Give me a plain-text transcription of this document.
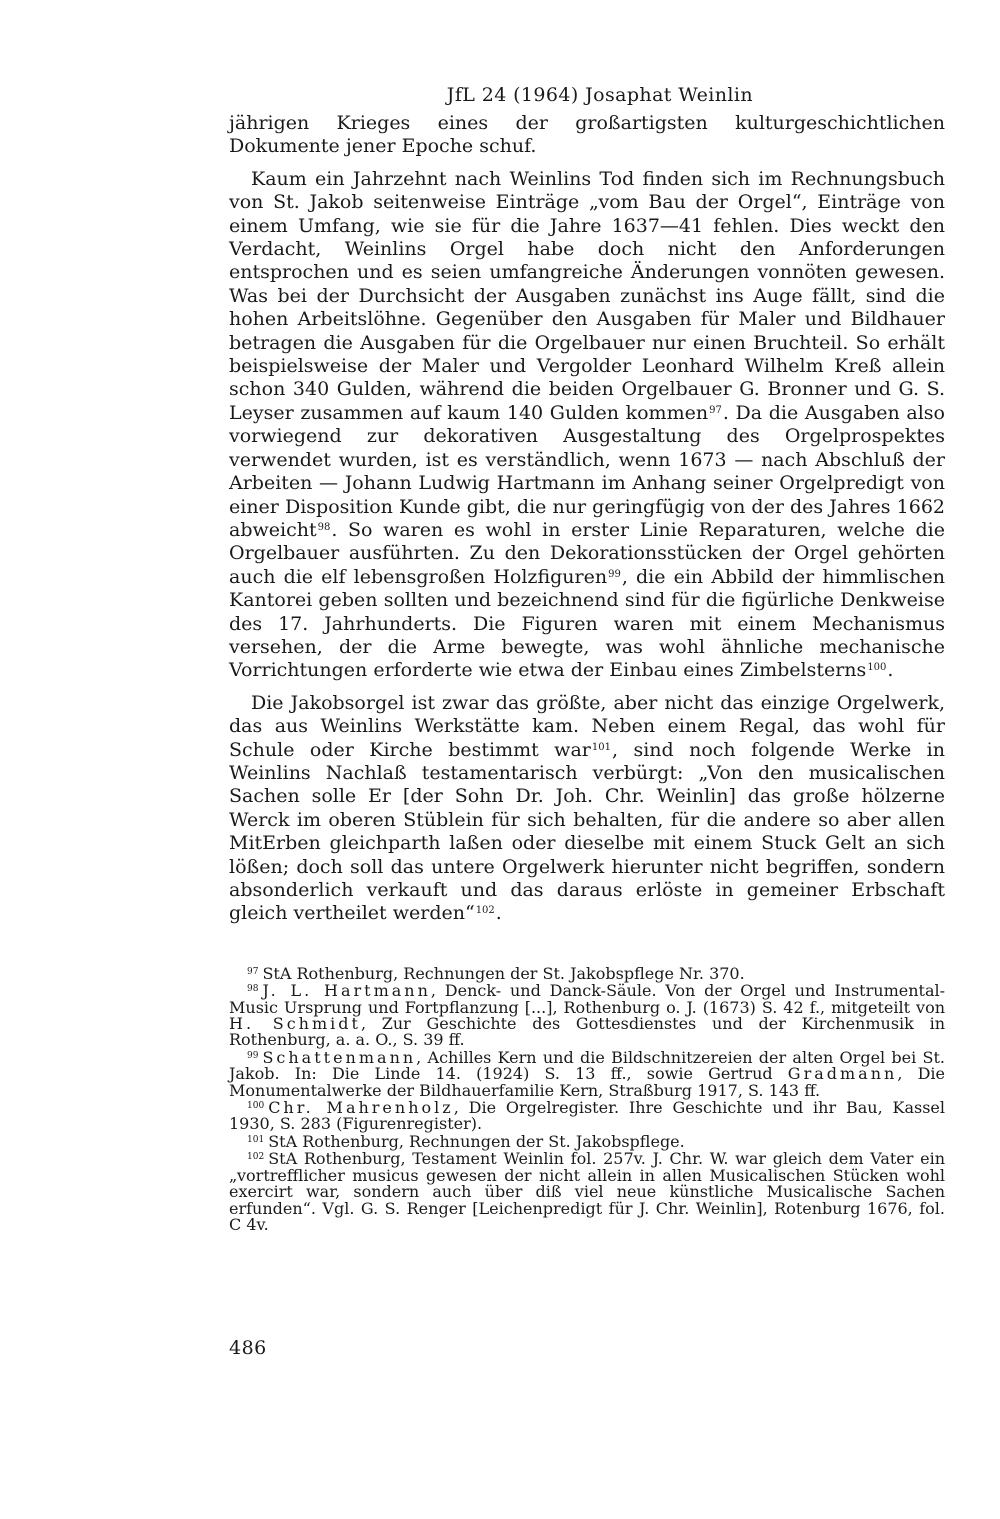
JfL 24 (1964) Josaphat Weinlin

jährigen Krieges eines der großartigsten kulturgeschichtlichen Dokumente jener Epoche schuf.

Kaum ein Jahrzehnt nach Weinlins Tod finden sich im Rechnungsbuch von St. Jakob seitenweise Einträge „vom Bau der Orgel“, Einträge von einem Umfang, wie sie für die Jahre 1637—41 fehlen. Dies weckt den Verdacht, Weinlins Orgel habe doch nicht den Anforderungen entsprochen und es seien umfangreiche Änderungen vonnöten gewesen. Was bei der Durchsicht der Ausgaben zunächst ins Auge fällt, sind die hohen Arbeitslöhne. Gegenüber den Ausgaben für Maler und Bildhauer betragen die Ausgaben für die Orgelbauer nur einen Bruchteil. So erhält beispielsweise der Maler und Vergolder Leonhard Wilhelm Kreß allein schon 340 Gulden, während die beiden Orgelbauer G. Bronner und G. S. Leyser zusammen auf kaum 140 Gulden kommen$^{97}$. Da die Ausgaben also vorwiegend zur dekorativen Ausgestaltung des Orgelprospektes verwendet wurden, ist es verständlich, wenn 1673 — nach Abschluß der Arbeiten — Johann Ludwig Hartmann im Anhang seiner Orgelpredigt von einer Disposition Kunde gibt, die nur geringfügig von der des Jahres 1662 abweicht$^{98}$. So waren es wohl in erster Linie Reparaturen, welche die Orgelbauer ausführten. Zu den Dekorationsstücken der Orgel gehörten auch die elf lebensgroßen Holzfiguren$^{99}$, die ein Abbild der himmlischen Kantorei geben sollten und bezeichnend sind für die figürliche Denkweise des 17. Jahrhunderts. Die Figuren waren mit einem Mechanismus versehen, der die Arme bewegte, was wohl ähnliche mechanische Vorrichtungen erforderte wie etwa der Einbau eines Zimbelsterns$^{100}$.

Die Jakobsorgel ist zwar das größte, aber nicht das einzige Orgelwerk, das aus Weinlins Werkstätte kam. Neben einem Regal, das wohl für Schule oder Kirche bestimmt war$^{101}$, sind noch folgende Werke in Weinlins Nachlaß testamentarisch verbürgt: „Von den musicalischen Sachen solle Er [der Sohn Dr. Joh. Chr. Weinlin] das große hölzerne Werck im oberen Stüblein für sich behalten, für die andere so aber allen MitErben gleichparth laßen oder dieselbe mit einem Stuck Gelt an sich lößen; doch soll das untere Orgelwerk hierunter nicht begriffen, sondern absonderlich verkauft und das daraus erlöste in gemeiner Erbschaft gleich vertheilet werden“$^{102}$.

$^{97}$ StA Rothenburg, Rechnungen der St. Jakobspflege Nr. 370.

$^{98}$ J. L. Hartmann, Denck- und Danck-Säule. Von der Orgel und Instrumental-Music Ursprung und Fortpflanzung [...], Rothenburg o. J. (1673) S. 42 f., mitgeteilt von H. Schmidt, Zur Geschichte des Gottesdienstes und der Kirchenmusik in Rothenburg, a. a. O., S. 39 ff.

$^{99}$ Schattenmann, Achilles Kern und die Bildschnitzereien der alten Orgel bei St. Jakob. In: Die Linde 14. (1924) S. 13 ff., sowie Gertrud Gradmann, Die Monumentalwerke der Bildhauerfamilie Kern, Straßburg 1917, S. 143 ff.

$^{100}$ Chr. Mahrenholz, Die Orgelregister. Ihre Geschichte und ihr Bau, Kassel 1930, S. 283 (Figurenregister).

$^{101}$ StA Rothenburg, Rechnungen der St. Jakobspflege.

$^{102}$ StA Rothenburg, Testament Weinlin fol. 257v. J. Chr. W. war gleich dem Vater ein „vortrefflicher musicus gewesen der nicht allein in allen Musicalischen Stücken wohl exercirt war, sondern auch über diß viel neue künstliche Musicalische Sachen erfunden“. Vgl. G. S. Renger [Leichenpredigt für J. Chr. Weinlin], Rotenburg 1676, fol. C 4v.

486
